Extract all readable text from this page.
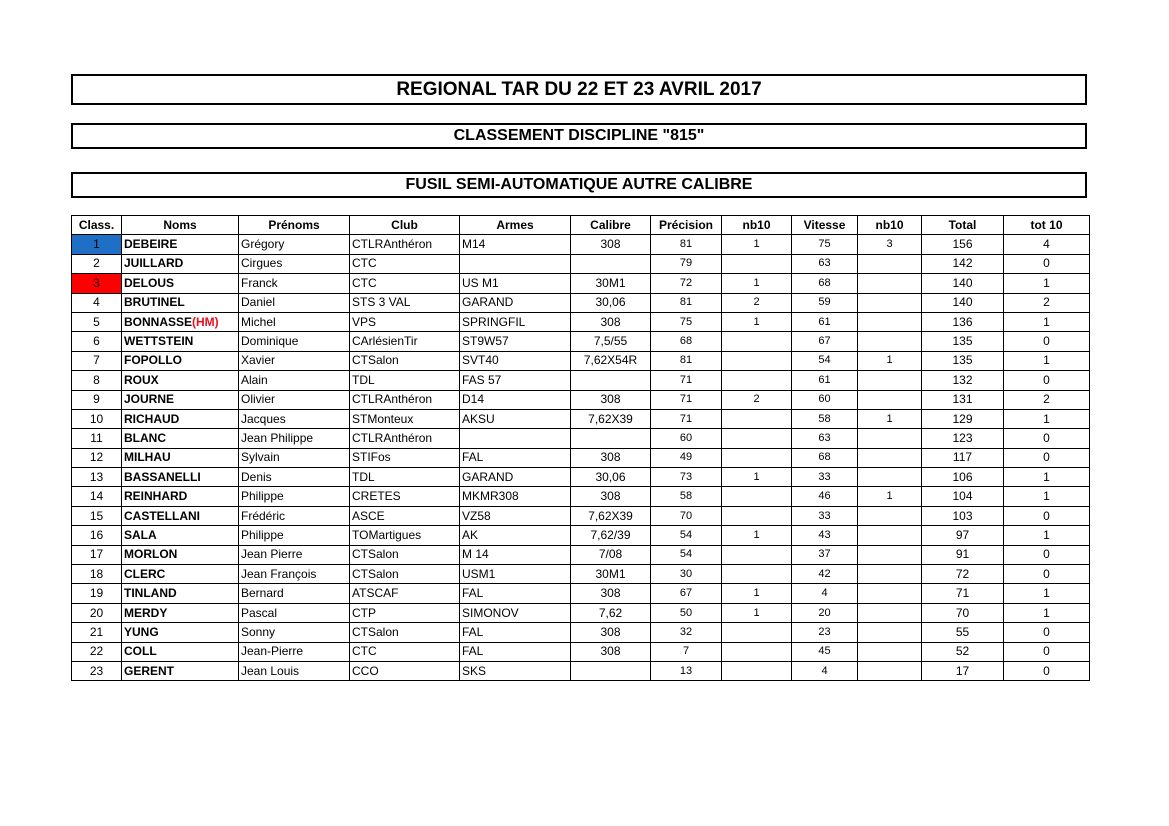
REGIONAL TAR DU 22 ET 23 AVRIL 2017
CLASSEMENT DISCIPLINE "815"
FUSIL SEMI-AUTOMATIQUE AUTRE CALIBRE
Class.	Noms	Prénoms	Club	Armes	Calibre	Précision	nb10	Vitesse	nb10	Total	tot 10
1	DEBEIRE	Grégory	CTLRAnthéron	M14	308	81	1	75	3	156	4
2	JUILLARD	Cirgues	CTC			79		63		142	0
3	DELOUS	Franck	CTC	US M1	30M1	72	1	68		140	1
4	BRUTINEL	Daniel	STS 3 VAL	GARAND	30,06	81	2	59		140	2
5	BONNASSE(HM)	Michel	VPS	SPRINGFIL	308	75	1	61		136	1
6	WETTSTEIN	Dominique	CArlésienTir	ST9W57	7,5/55	68		67		135	0
7	FOPOLLO	Xavier	CTSalon	SVT40	7,62X54R	81		54	1	135	1
8	ROUX	Alain	TDL	FAS 57		71		61		132	0
9	JOURNE	Olivier	CTLRAnthéron	D14	308	71	2	60		131	2
10	RICHAUD	Jacques	STMonteux	AKSU	7,62X39	71		58	1	129	1
11	BLANC	Jean Philippe	CTLRAnthéron			60		63		123	0
12	MILHAU	Sylvain	STIFos	FAL	308	49		68		117	0
13	BASSANELLI	Denis	TDL	GARAND	30,06	73	1	33		106	1
14	REINHARD	Philippe	CRETES	MKMR308	308	58		46	1	104	1
15	CASTELLANI	Frédéric	ASCE	VZ58	7,62X39	70		33		103	0
16	SALA	Philippe	TOMartigues	AK	7,62/39	54	1	43		97	1
17	MORLON	Jean Pierre	CTSalon	M 14	7/08	54		37		91	0
18	CLERC	Jean François	CTSalon	USM1	30M1	30		42		72	0
19	TINLAND	Bernard	ATSCAF	FAL	308	67	1	4		71	1
20	MERDY	Pascal	CTP	SIMONOV	7,62	50	1	20		70	1
21	YUNG	Sonny	CTSalon	FAL	308	32		23		55	0
22	COLL	Jean-Pierre	CTC	FAL	308	7		45		52	0
23	GERENT	Jean Louis	CCO	SKS		13		4		17	0
